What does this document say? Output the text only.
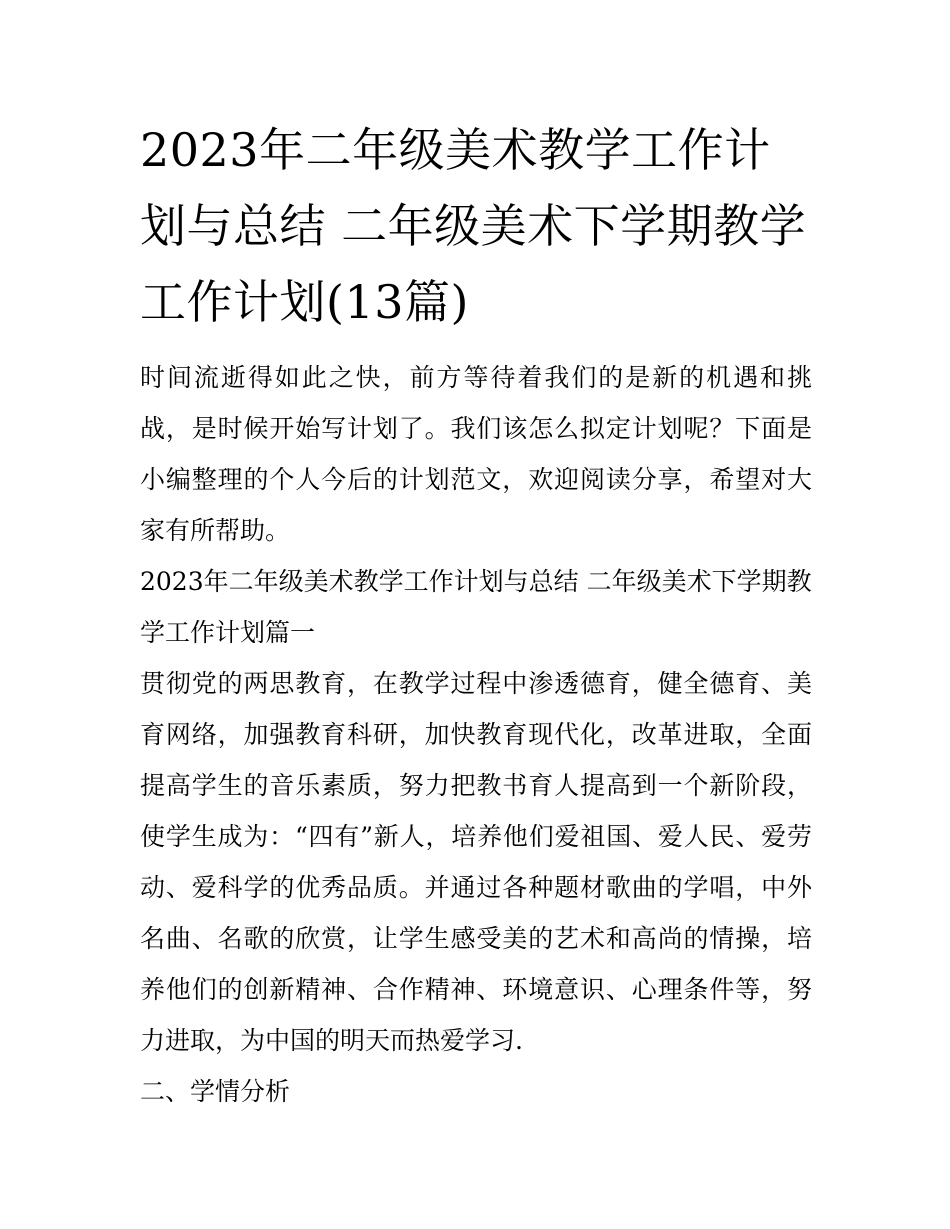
2023年二年级美术教学工作计划与总结 二年级美术下学期教学工作计划(13篇)

时间流逝得如此之快，前方等待着我们的是新的机遇和挑战，是时候开始写计划了。我们该怎么拟定计划呢？下面是小编整理的个人今后的计划范文，欢迎阅读分享，希望对大家有所帮助。

2023年二年级美术教学工作计划与总结 二年级美术下学期教学工作计划篇一

贯彻党的两思教育，在教学过程中渗透德育，健全德育、美育网络，加强教育科研，加快教育现代化，改革进取，全面提高学生的音乐素质，努力把教书育人提高到一个新阶段，使学生成为：“四有”新人，培养他们爱祖国、爱人民、爱劳动、爱科学的优秀品质。并通过各种题材歌曲的学唱，中外名曲、名歌的欣赏，让学生感受美的艺术和高尚的情操，培养他们的创新精神、合作精神、环境意识、心理条件等，努力进取，为中国的明天而热爱学习.

二、学情分析
